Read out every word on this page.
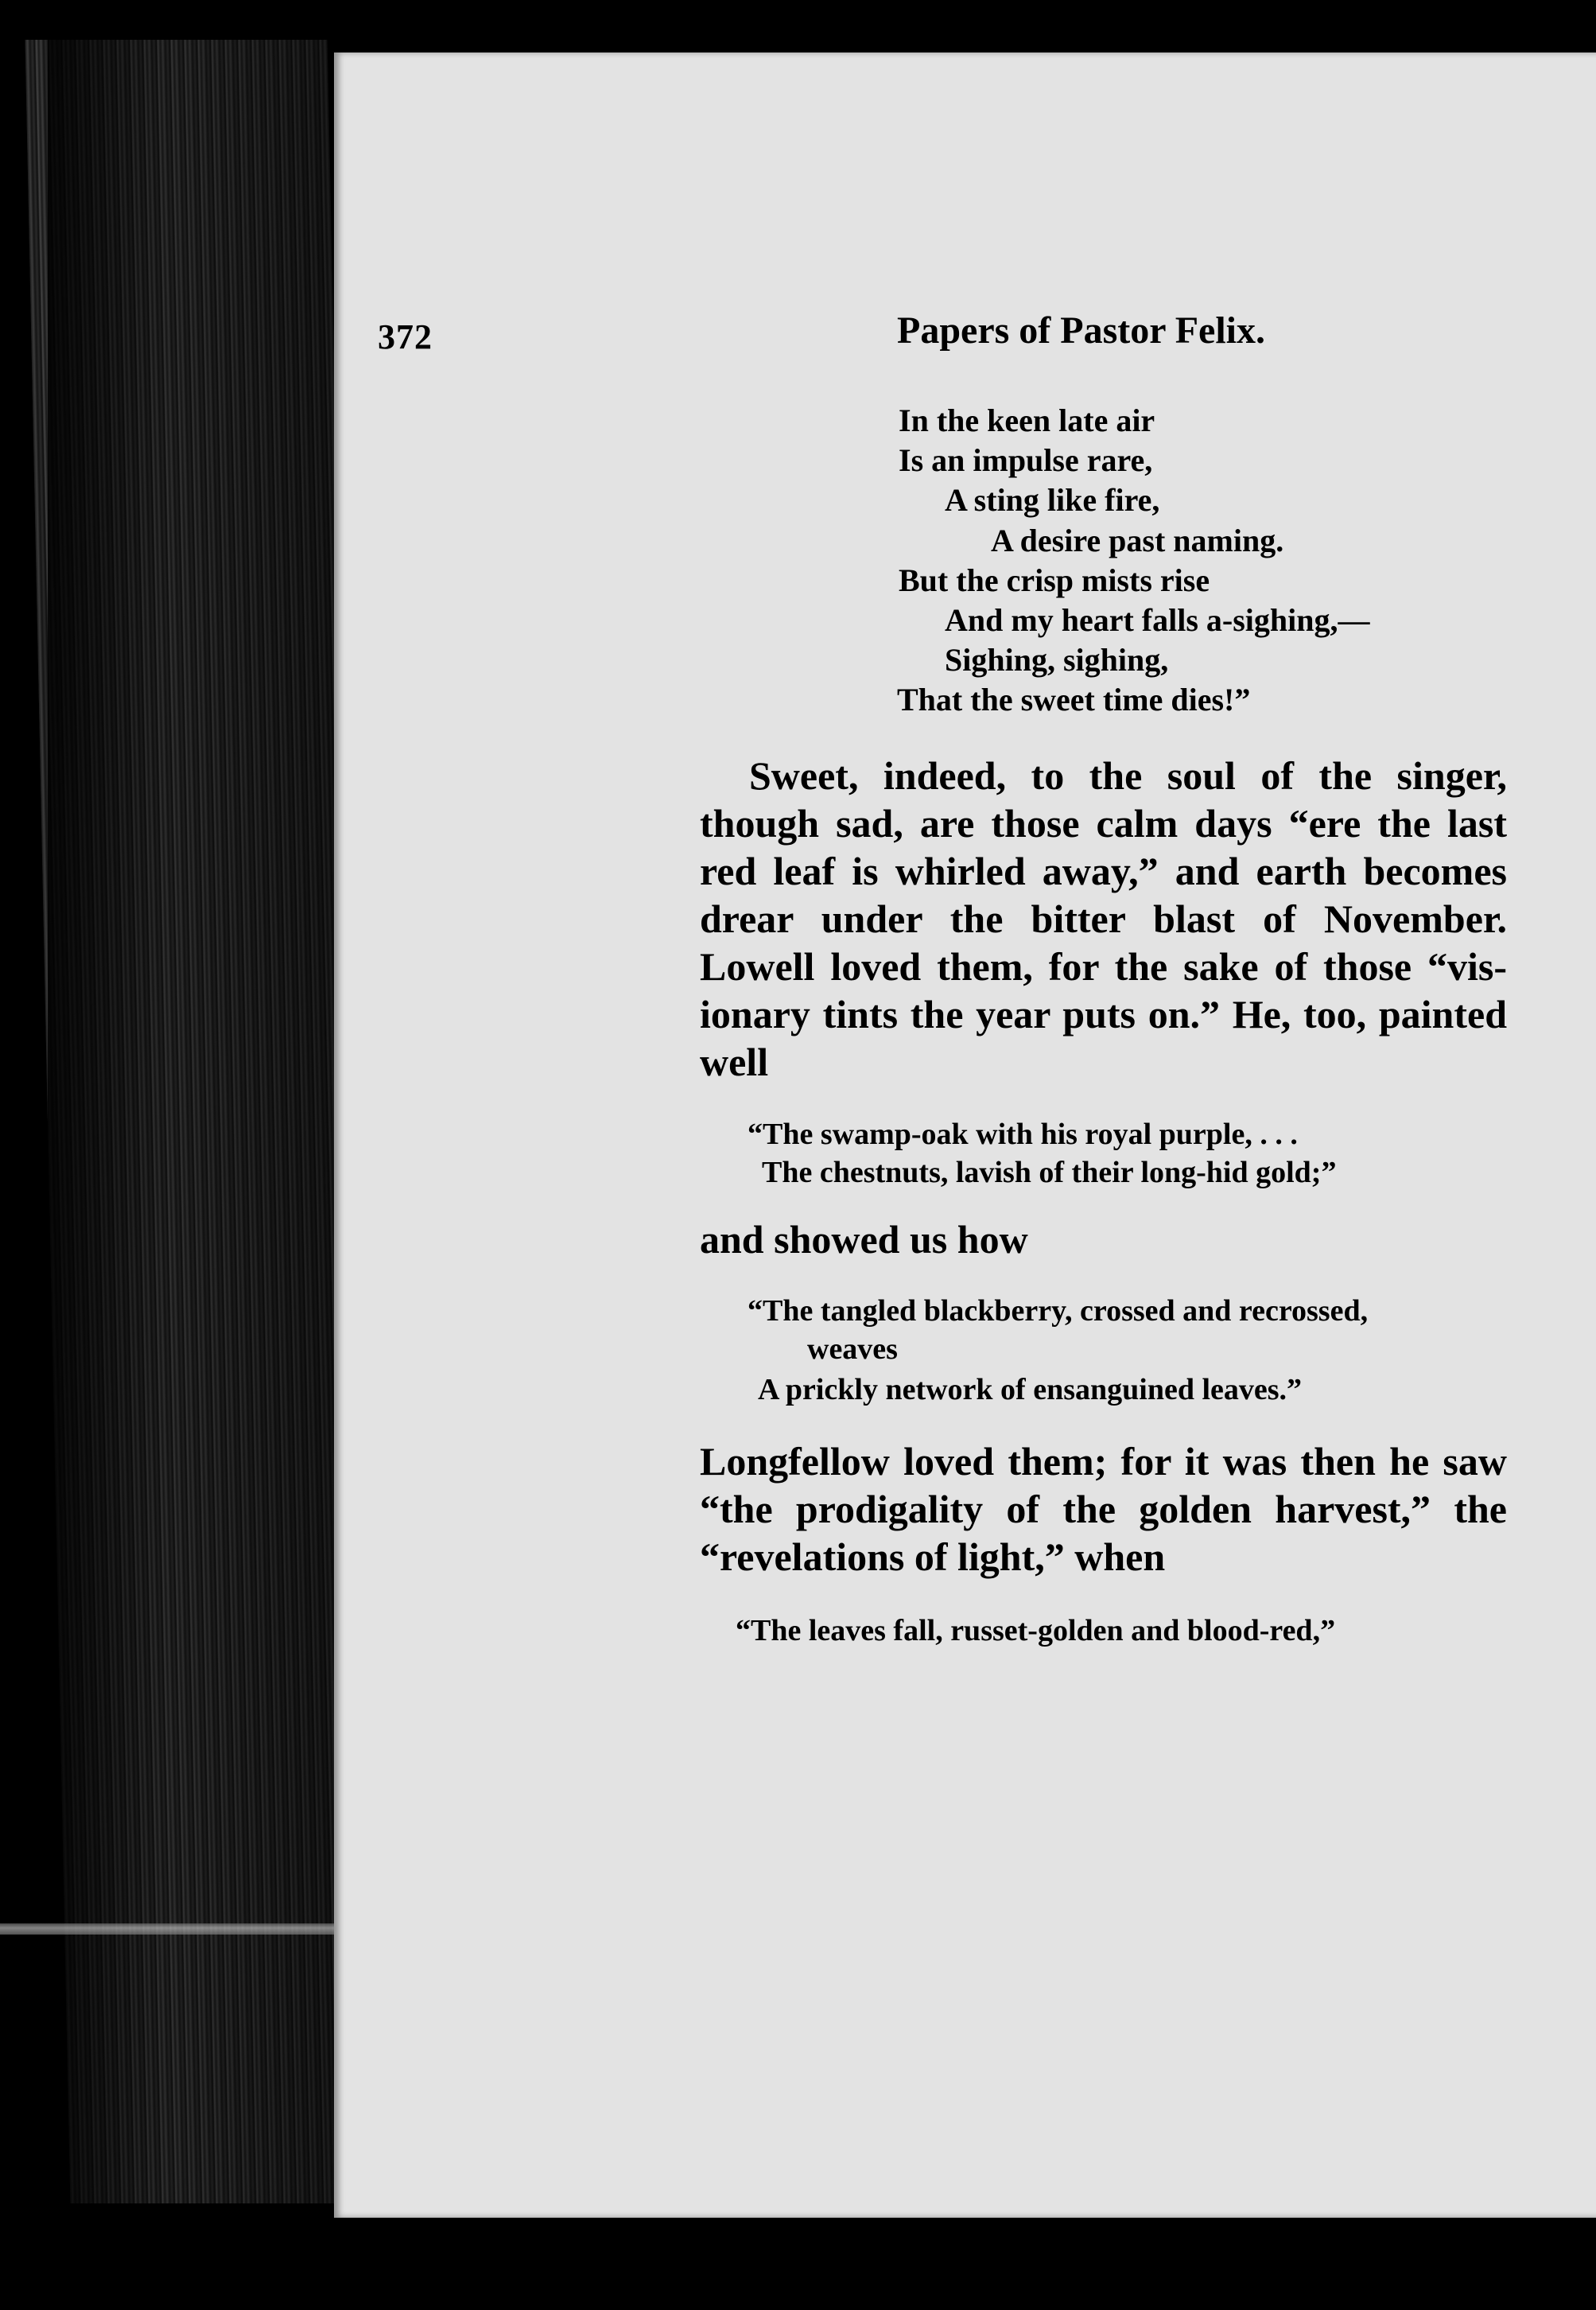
372	Papers of Pastor Felix.
In the keen late air
Is an impulse rare,
A sting like fire,
A desire past naming.
But the crisp mists rise
And my heart falls a-sighing,—
Sighing, sighing,
That the sweet time dies!”
Sweet, indeed, to the soul of the singer,
though sad, are those calm days “ere the last
red leaf is whirled away,” and earth becomes
drear under the bitter blast of November.
Lowell loved them, for the sake of those “vis-
ionary tints the year puts on.” He, too, painted
well
“The swamp-oak with his royal purple, . . .
The chestnuts, lavish of their long-hid gold;”
and showed us how
“The tangled blackberry, crossed and recrossed,
weaves
A prickly network of ensanguined leaves.”
Longfellow loved them; for it was then he saw
“the prodigality of the golden harvest,” the
“revelations of light,” when
“The leaves fall, russet-golden and blood-red,”
